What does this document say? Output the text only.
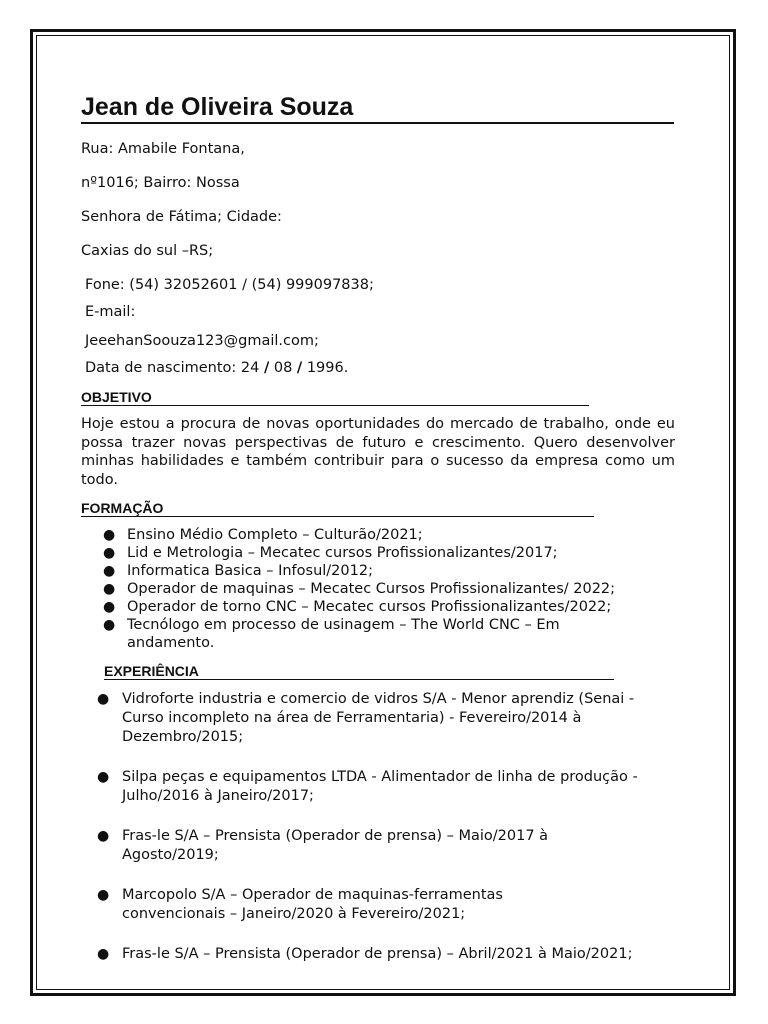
Jean de Oliveira Souza
Rua: Amabile Fontana,
nº1016; Bairro: Nossa
Senhora de Fátima; Cidade:
Caxias do sul –RS;
Fone: (54) 32052601 / (54) 999097838;
E-mail:
JeeehanSoouza123@gmail.com;
Data de nascimento: 24 / 08 / 1996.
OBJETIVO

Hoje estou a procura de novas oportunidades do mercado de trabalho, onde eu possa trazer novas perspectivas de futuro e crescimento. Quero desenvolver minhas habilidades e também contribuir para o sucesso da empresa como um todo.

FORMAÇÃO
● Ensino Médio Completo – Culturão/2021;
● Lid e Metrologia – Mecatec cursos Profissionalizantes/2017;
● Informatica Basica – Infosul/2012;
● Operador de maquinas – Mecatec Cursos Profissionalizantes/ 2022;
● Operador de torno CNC – Mecatec cursos Profissionalizantes/2022;
● Tecnólogo em processo de usinagem – The World CNC – Em andamento.
EXPERIÊNCIA
● Vidroforte industria e comercio de vidros S/A - Menor aprendiz (Senai - Curso incompleto na área de Ferramentaria) - Fevereiro/2014 à Dezembro/2015;
● Silpa peças e equipamentos LTDA - Alimentador de linha de produção - Julho/2016 à Janeiro/2017;
● Fras-le S/A – Prensista (Operador de prensa) – Maio/2017 à Agosto/2019;
● Marcopolo S/A – Operador de maquinas-ferramentas convencionais – Janeiro/2020 à Fevereiro/2021;
● Fras-le S/A – Prensista (Operador de prensa) – Abril/2021 à Maio/2021;
